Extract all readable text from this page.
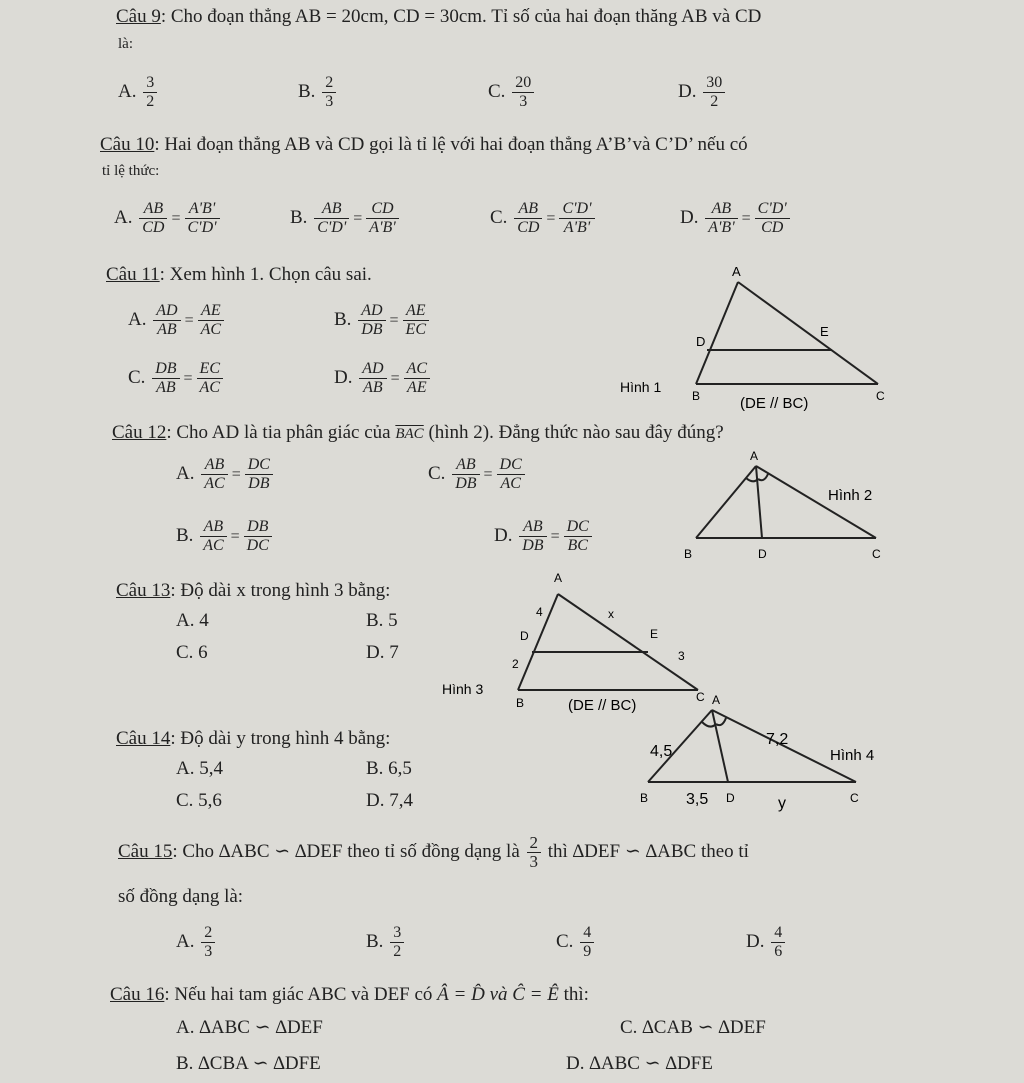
Câu 9: Cho đoạn thẳng AB = 20cm, CD = 30cm. Tỉ số của hai đoạn thăng AB và CD
là:
A. $\frac{3}{2}$	B. $\frac{2}{3}$	C. $\frac{20}{3}$	D. $\frac{30}{2}$
Câu 10: Hai đoạn thẳng AB và CD gọi là tỉ lệ với hai đoạn thẳng A’B’và C’D’ nếu có
tỉ lệ thức:
A. $\frac{AB}{CD} = \frac{A'B'}{C'D'}$	B. $\frac{AB}{C'D'} = \frac{CD}{A'B'}$	C. $\frac{AB}{CD} = \frac{C'D'}{A'B'}$	D. $\frac{AB}{A'B'} = \frac{C'D'}{CD}$
Câu 11: Xem hình 1. Chọn câu sai.
A. $\frac{AD}{AB} = \frac{AE}{AC}$	B. $\frac{AD}{DB} = \frac{AE}{EC}$
C. $\frac{DB}{AB} = \frac{EC}{AC}$	D. $\frac{AD}{AB} = \frac{AC}{AE}$
A
D
E
B	C
Hình 1
(DE // BC)
Câu 12: Cho AD là tia phân giác của $\overline{BAC}$ (hình 2). Đẳng thức nào sau đây đúng?
A. $\frac{AB}{AC} = \frac{DC}{DB}$	C. $\frac{AB}{DB} = \frac{DC}{AC}$
B. $\frac{AB}{AC} = \frac{DB}{DC}$	D. $\frac{AB}{DB} = \frac{DC}{BC}$
A
B	D	C
Hình 2
Câu 13: Độ dài x trong hình 3 bằng:
A. 4	B. 5
C. 6	D. 7
A
D	E
B	C
4
2
x
3
Hình 3
(DE // BC)
Câu 14: Độ dài y trong hình 4 bằng:
A. 5,4	B. 6,5
C. 5,6	D. 7,4
A
B	D	C
4,5
7,2
3,5	y
Hình 4
Câu 15: Cho ∆ABC ∽ ∆DEF theo tỉ số đồng dạng là $\frac{2}{3}$ thì ∆DEF ∽ ∆ABC theo tỉ
số đồng dạng là:
A. $\frac{2}{3}$	B. $\frac{3}{2}$	C. $\frac{4}{9}$	D. $\frac{4}{6}$
Câu 16: Nếu hai tam giác ABC và DEF có Â = D̂ và Ĉ = Ê thì:
A. ∆ABC ∽ ∆DEF	C. ∆CAB ∽ ∆DEF
B. ∆CBA ∽ ∆DFE	D. ∆ABC ∽ ∆DFE
